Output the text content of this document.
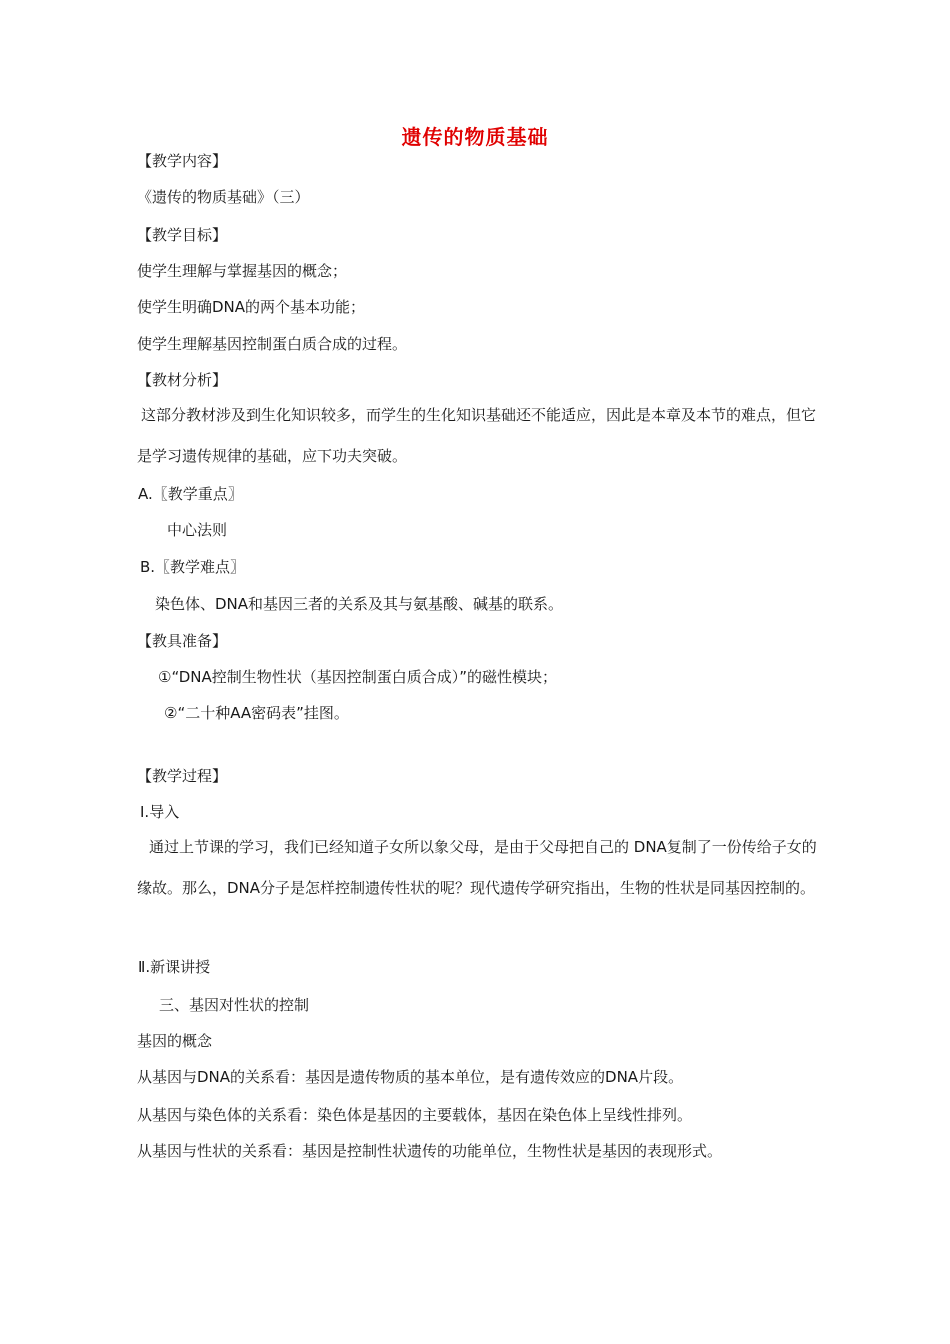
遗传的物质基础
【教学内容】
《遗传的物质基础》（三）
【教学目标】
使学生理解与掌握基因的概念；
使学生明确DNA的两个基本功能；
使学生理解基因控制蛋白质合成的过程。
【教材分析】
这部分教材涉及到生化知识较多，而学生的生化知识基础还不能适应，因此是本章及本节的难点，但它是学习遗传规律的基础，应下功夫突破。
A.〖教学重点〗
中心法则
B.〖教学难点〗
染色体、DNA和基因三者的关系及其与氨基酸、碱基的联系。
【教具准备】
①“DNA控制生物性状（基因控制蛋白质合成）”的磁性模块；
②“二十种AA密码表”挂图。
【教学过程】
Ⅰ.导入
通过上节课的学习，我们已经知道子女所以象父母，是由于父母把自己的 DNA复制了一份传给子女的缘故。那么，DNA分子是怎样控制遗传性状的呢？现代遗传学研究指出，生物的性状是同基因控制的。
Ⅱ.新课讲授
三、基因对性状的控制
基因的概念
从基因与DNA的关系看：基因是遗传物质的基本单位，是有遗传效应的DNA片段。
从基因与染色体的关系看：染色体是基因的主要载体，基因在染色体上呈线性排列。
从基因与性状的关系看：基因是控制性状遗传的功能单位，生物性状是基因的表现形式。
